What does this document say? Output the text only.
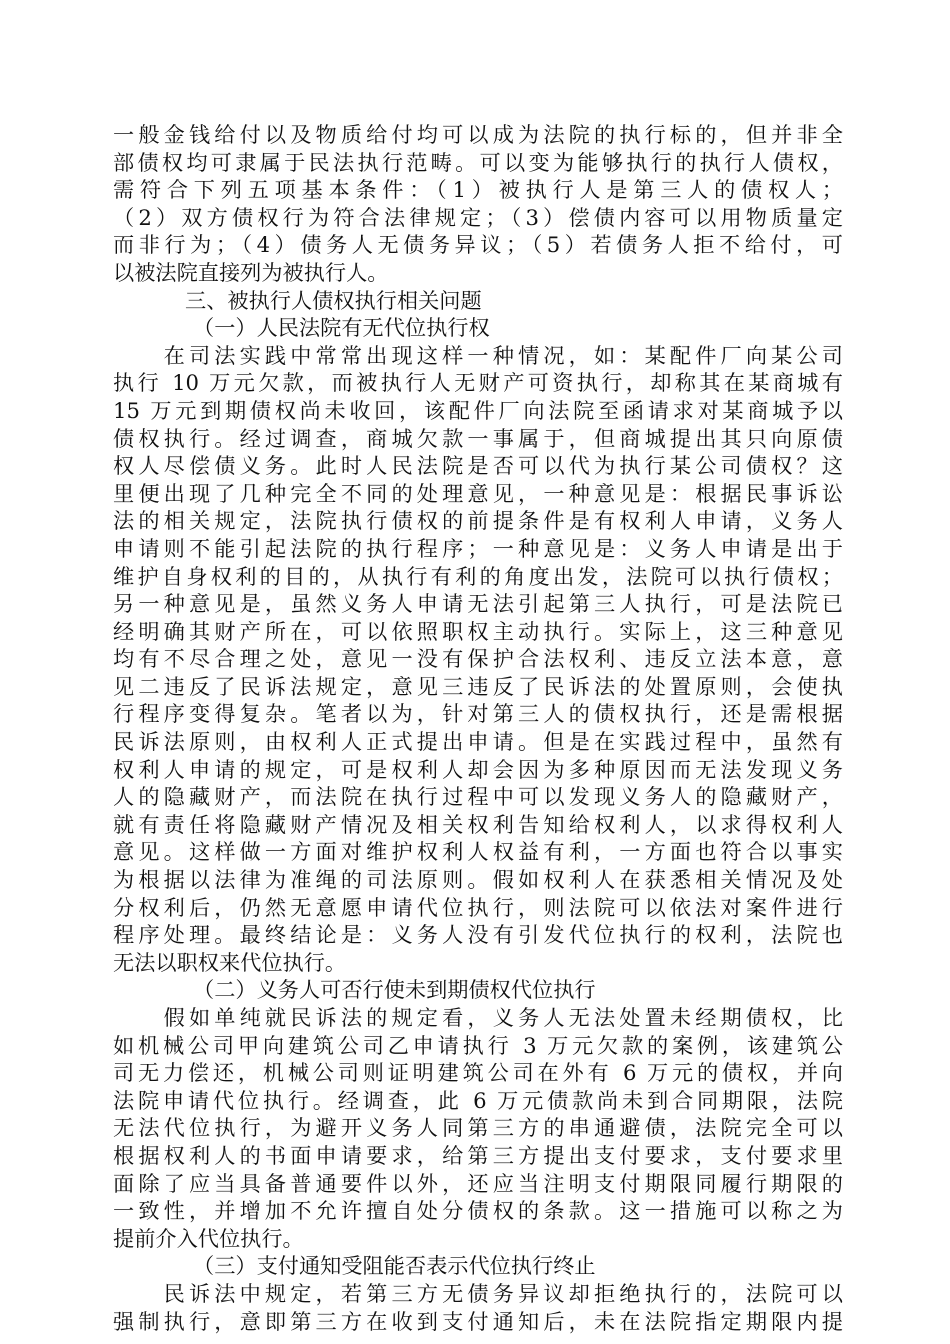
一般金钱给付以及物质给付均可以成为法院的执行标的，但并非全
部债权均可隶属于民法执行范畴。可以变为能够执行的执行人债权，
需符合下列五项基本条件：（1）被执行人是第三人的债权人；
（2）双方债权行为符合法律规定；（3）偿债内容可以用物质量定
而非行为；（4）债务人无债务异议；（5）若债务人拒不给付，可
以被法院直接列为被执行人。
三、被执行人债权执行相关问题
（一）人民法院有无代位执行权
　　在司法实践中常常出现这样一种情况，如：某配件厂向某公司
执行 10 万元欠款，而被执行人无财产可资执行，却称其在某商城有
15 万元到期债权尚未收回，该配件厂向法院至函请求对某商城予以
债权执行。经过调查，商城欠款一事属于，但商城提出其只向原债
权人尽偿债义务。此时人民法院是否可以代为执行某公司债权？这
里便出现了几种完全不同的处理意见，一种意见是：根据民事诉讼
法的相关规定，法院执行债权的前提条件是有权利人申请，义务人
申请则不能引起法院的执行程序；一种意见是：义务人申请是出于
维护自身权利的目的，从执行有利的角度出发，法院可以执行债权；
另一种意见是，虽然义务人申请无法引起第三人执行，可是法院已
经明确其财产所在，可以依照职权主动执行。实际上，这三种意见
均有不尽合理之处，意见一没有保护合法权利、违反立法本意，意
见二违反了民诉法规定，意见三违反了民诉法的处置原则，会使执
行程序变得复杂。笔者以为，针对第三人的债权执行，还是需根据
民诉法原则，由权利人正式提出申请。但是在实践过程中，虽然有
权利人申请的规定，可是权利人却会因为多种原因而无法发现义务
人的隐藏财产，而法院在执行过程中可以发现义务人的隐藏财产，
就有责任将隐藏财产情况及相关权利告知给权利人，以求得权利人
意见。这样做一方面对维护权利人权益有利，一方面也符合以事实
为根据以法律为准绳的司法原则。假如权利人在获悉相关情况及处
分权利后，仍然无意愿申请代位执行，则法院可以依法对案件进行
程序处理。最终结论是：义务人没有引发代位执行的权利，法院也
无法以职权来代位执行。
（二）义务人可否行使未到期债权代位执行
　　假如单纯就民诉法的规定看，义务人无法处置未经期债权，比
如机械公司甲向建筑公司乙申请执行 3 万元欠款的案例，该建筑公
司无力偿还，机械公司则证明建筑公司在外有 6 万元的债权，并向
法院申请代位执行。经调查，此 6 万元债款尚未到合同期限，法院
无法代位执行，为避开义务人同第三方的串通避债，法院完全可以
根据权利人的书面申请要求，给第三方提出支付要求，支付要求里
面除了应当具备普通要件以外，还应当注明支付期限同履行期限的
一致性，并增加不允许擅自处分债权的条款。这一措施可以称之为
提前介入代位执行。
（三）支付通知受阻能否表示代位执行终止
　　民诉法中规定，若第三方无债务异议却拒绝执行的，法院可以
强制执行，意即第三方在收到支付通知后，未在法院指定期限内提
